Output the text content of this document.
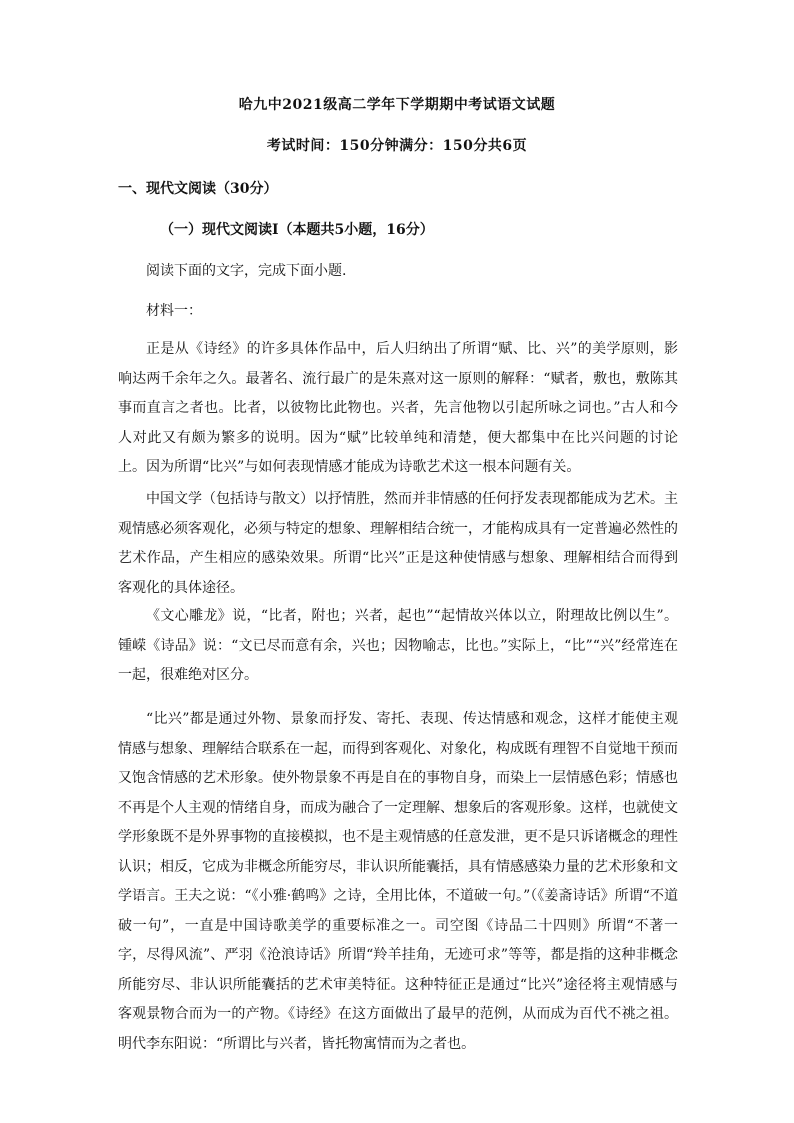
哈九中2021级高二学年下学期期中考试语文试题
考试时间：150分钟满分：150分共6页
一、现代文阅读（30分）
（一）现代文阅读Ⅰ（本题共5小题，16分）
阅读下面的文字，完成下面小题.
材料一：

正是从《诗经》的许多具体作品中，后人归纳出了所谓“赋、比、兴”的美学原则，影响达两千余年之久。最著名、流行最广的是朱熹对这一原则的解释：“赋者，敷也，敷陈其事而直言之者也。比者，以彼物比此物也。兴者，先言他物以引起所咏之词也。”古人和今人对此又有颇为繁多的说明。因为“赋”比较单纯和清楚，便大都集中在比兴问题的讨论上。因为所谓“比兴”与如何表现情感才能成为诗歌艺术这一根本问题有关。

中国文学（包括诗与散文）以抒情胜，然而并非情感的任何抒发表现都能成为艺术。主观情感必须客观化，必须与特定的想象、理解相结合统一，才能构成具有一定普遍必然性的艺术作品，产生相应的感染效果。所谓“比兴”正是这种使情感与想象、理解相结合而得到客观化的具体途径。

《文心雕龙》说，“比者，附也；兴者，起也”“起情故兴体以立，附理故比例以生”。锺嵘《诗品》说：“文已尽而意有余，兴也；因物喻志，比也。”实际上，“比”“兴”经常连在一起，很难绝对区分。

“比兴”都是通过外物、景象而抒发、寄托、表现、传达情感和观念，这样才能使主观情感与想象、理解结合联系在一起，而得到客观化、对象化，构成既有理智不自觉地干预而又饱含情感的艺术形象。使外物景象不再是自在的事物自身，而染上一层情感色彩；情感也不再是个人主观的情绪自身，而成为融合了一定理解、想象后的客观形象。这样，也就使文学形象既不是外界事物的直接模拟，也不是主观情感的任意发泄，更不是只诉诸概念的理性认识；相反，它成为非概念所能穷尽，非认识所能囊括，具有情感感染力量的艺术形象和文学语言。王夫之说：“《小雅·鹤鸣》之诗，全用比体，不道破一句。”（《姜斋诗话》所谓“不道破一句”，一直是中国诗歌美学的重要标准之一。司空图《诗品二十四则》所谓“不著一字，尽得风流”、严羽《沧浪诗话》所谓“羚羊挂角，无迹可求”等等，都是指的这种非概念所能穷尽、非认识所能囊括的艺术审美特征。这种特征正是通过“比兴”途径将主观情感与客观景物合而为一的产物。《诗经》在这方面做出了最早的范例，从而成为百代不祧之祖。明代李东阳说：“所谓比与兴者，皆托物寓情而为之者也。
